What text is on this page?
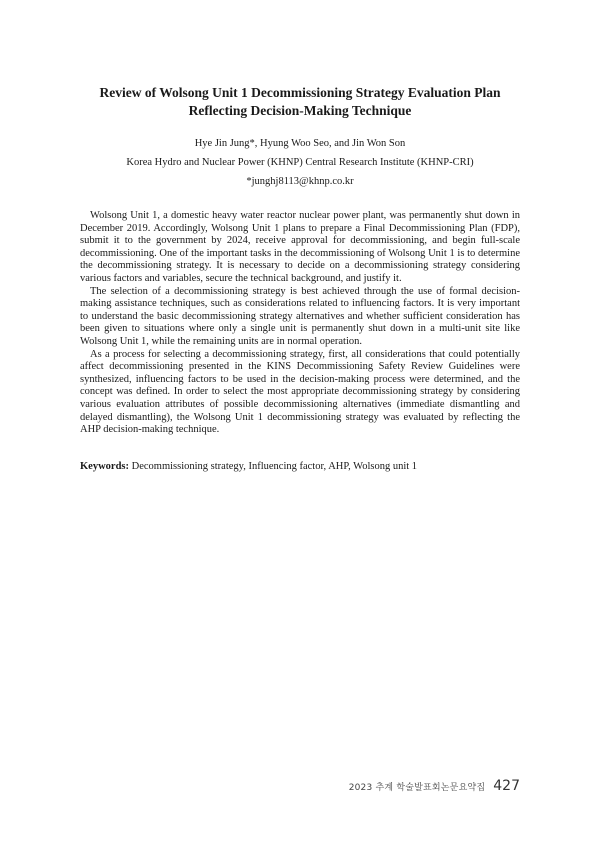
Review of Wolsong Unit 1 Decommissioning Strategy Evaluation Plan
Reflecting Decision-Making Technique
Hye Jin Jung*, Hyung Woo Seo, and Jin Won Son
Korea Hydro and Nuclear Power (KHNP) Central Research Institute (KHNP-CRI)
*junghj8113@khnp.co.kr

Wolsong Unit 1, a domestic heavy water reactor nuclear power plant, was permanently shut down in December 2019. Accordingly, Wolsong Unit 1 plans to prepare a Final Decommissioning Plan (FDP), submit it to the government by 2024, receive approval for decommissioning, and begin full-scale decommissioning. One of the important tasks in the decommissioning of Wolsong Unit 1 is to determine the decommissioning strategy. It is necessary to decide on a decommissioning strategy considering various factors and variables, secure the technical background, and justify it.

The selection of a decommissioning strategy is best achieved through the use of formal decision-making assistance techniques, such as considerations related to influencing factors. It is very important to understand the basic decommissioning strategy alternatives and whether sufficient consideration has been given to situations where only a single unit is permanently shut down in a multi-unit site like Wolsong Unit 1, while the remaining units are in normal operation.

As a process for selecting a decommissioning strategy, first, all considerations that could potentially affect decommissioning presented in the KINS Decommissioning Safety Review Guidelines were synthesized, influencing factors to be used in the decision-making process were determined, and the concept was defined. In order to select the most appropriate decommissioning strategy by considering various evaluation attributes of possible decommissioning alternatives (immediate dismantling and delayed dismantling), the Wolsong Unit 1 decommissioning strategy was evaluated by reflecting the AHP decision-making technique.

Keywords: Decommissioning strategy, Influencing factor, AHP, Wolsong unit 1
2023 추계 학술발표회논문요약집 427
